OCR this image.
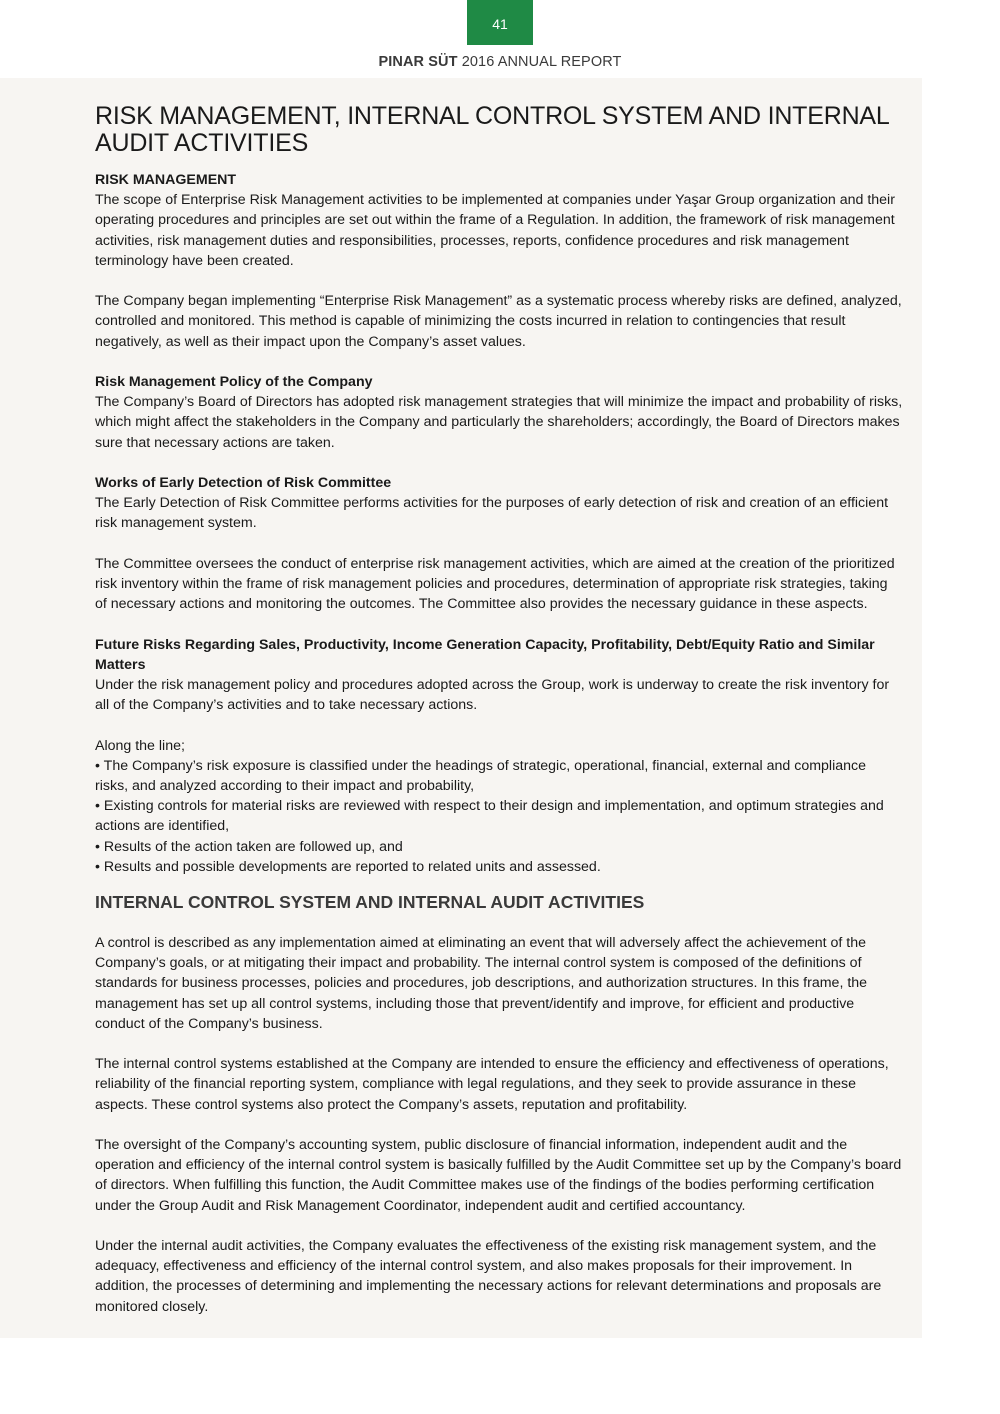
41
PINAR SÜT 2016 ANNUAL REPORT
RISK MANAGEMENT, INTERNAL CONTROL SYSTEM AND INTERNAL AUDIT ACTIVITIES
RISK MANAGEMENT

The scope of Enterprise Risk Management activities to be implemented at companies under Yaşar Group organization and their operating procedures and principles are set out within the frame of a Regulation. In addition, the framework of risk management activities, risk management duties and responsibilities, processes, reports, confidence procedures and risk management terminology have been created.

The Company began implementing “Enterprise Risk Management” as a systematic process whereby risks are defined, analyzed, controlled and monitored. This method is capable of minimizing the costs incurred in relation to contingencies that result negatively, as well as their impact upon the Company’s asset values.

Risk Management Policy of the Company

The Company’s Board of Directors has adopted risk management strategies that will minimize the impact and probability of risks, which might affect the stakeholders in the Company and particularly the shareholders; accordingly, the Board of Directors makes sure that necessary actions are taken.

Works of Early Detection of Risk Committee

The Early Detection of Risk Committee performs activities for the purposes of early detection of risk and creation of an efficient risk management system.

The Committee oversees the conduct of enterprise risk management activities, which are aimed at the creation of the prioritized risk inventory within the frame of risk management policies and procedures, determination of appropriate risk strategies, taking of necessary actions and monitoring the outcomes. The Committee also provides the necessary guidance in these aspects.

Future Risks Regarding Sales, Productivity, Income Generation Capacity, Profitability, Debt/Equity Ratio and Similar Matters

Under the risk management policy and procedures adopted across the Group, work is underway to create the risk inventory for all of the Company’s activities and to take necessary actions.

Along the line;

• The Company’s risk exposure is classified under the headings of strategic, operational, financial, external and compliance risks, and analyzed according to their impact and probability,

• Existing controls for material risks are reviewed with respect to their design and implementation, and optimum strategies and actions are identified,

• Results of the action taken are followed up, and

• Results and possible developments are reported to related units and assessed.

INTERNAL CONTROL SYSTEM AND INTERNAL AUDIT ACTIVITIES

A control is described as any implementation aimed at eliminating an event that will adversely affect the achievement of the Company’s goals, or at mitigating their impact and probability. The internal control system is composed of the definitions of standards for business processes, policies and procedures, job descriptions, and authorization structures. In this frame, the management has set up all control systems, including those that prevent/identify and improve, for efficient and productive conduct of the Company’s business.

The internal control systems established at the Company are intended to ensure the efficiency and effectiveness of operations, reliability of the financial reporting system, compliance with legal regulations, and they seek to provide assurance in these aspects. These control systems also protect the Company’s assets, reputation and profitability.

The oversight of the Company’s accounting system, public disclosure of financial information, independent audit and the operation and efficiency of the internal control system is basically fulfilled by the Audit Committee set up by the Company’s board of directors. When fulfilling this function, the Audit Committee makes use of the findings of the bodies performing certification under the Group Audit and Risk Management Coordinator, independent audit and certified accountancy.

Under the internal audit activities, the Company evaluates the effectiveness of the existing risk management system, and the adequacy, effectiveness and efficiency of the internal control system, and also makes proposals for their improvement. In addition, the processes of determining and implementing the necessary actions for relevant determinations and proposals are monitored closely.
